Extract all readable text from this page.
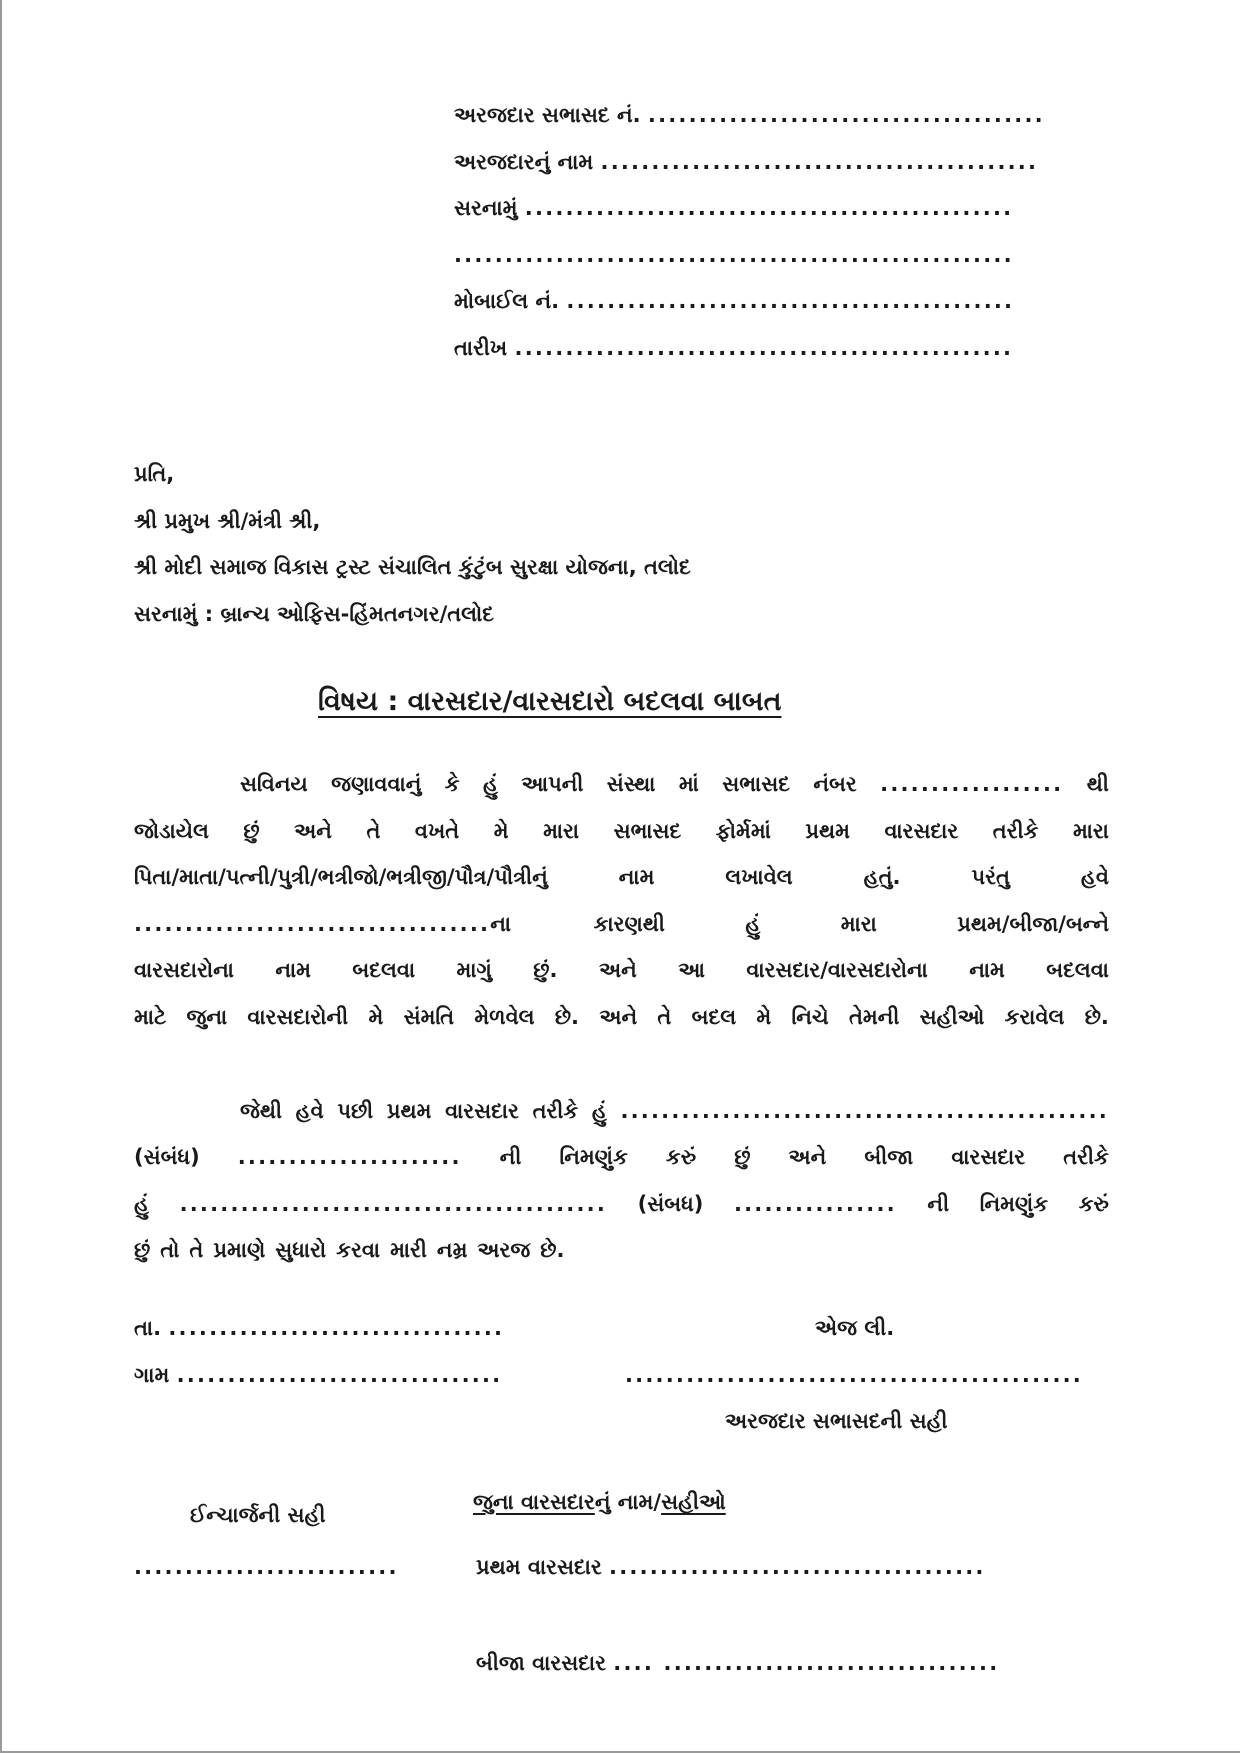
અરજદાર સભાસદ નં. .......................................
અરજદારનું નામ ...........................................
સરનામું ................................................
.......................................................
મોબાઈલ નં. ............................................
તારીખ .................................................
પ્રતિ,
શ્રી પ્રમુખ શ્રી/મંત્રી શ્રી,
શ્રી મોદી સમાજ વિકાસ ટ્રસ્ટ સંચાલિત કુંટુંબ સુરક્ષા યોજના, તલોદ
સરનામું : બ્રાન્ચ ઓફિસ-હિંમતનગર/તલોદ
વિષય : વારસદાર/વારસદારો બદલવા બાબત
સવિનય જણાવવાનું કે હું આપની સંસ્થા માં સભાસદ નંબર .................. થી
જોડાયેલ છું અને તે વખતે મે મારા સભાસદ ફોર્મમાં પ્રથમ વારસદાર તરીકે મારા
પિતા/માતા/પત્ની/પુત્રી/ભત્રીજો/ભત્રીજી/પૌત્ર/પૌત્રીનું	નામ	લખાવેલ	હતું.	પરંતુ	હવે
...................................ના	કારણથી	હું	મારા	પ્રથમ/બીજા/બન્ને
વારસદારોના નામ બદલવા માગું છું. અને આ વારસદાર/વારસદારોના નામ બદલવા
માટે જુના વારસદારોની મે સંમતિ મેળવેલ છે. અને તે બદલ મે નિચે તેમની સહીઓ કરાવેલ છે.
જેથી હવે પછી પ્રથમ વારસદાર તરીકે હું ................................................
(સંબંધ) ...................... ની નિમણુંક કરું છું અને બીજા વારસદાર તરીકે
હું .......................................... (સંબધ) ................ ની નિમણુંક કરું
છું તો તે પ્રમાણે સુધારો કરવા મારી નમ્ર અરજ છે.
તા. .................................
ગામ ................................
એજ લી.
.............................................
અરજદાર સભાસદની સહી
ઈન્ચાર્જની સહી
..........................
જુના વારસદારનું નામ/સહીઓ
પ્રથમ વારસદાર .....................................
બીજા વારસદાર .... .................................
